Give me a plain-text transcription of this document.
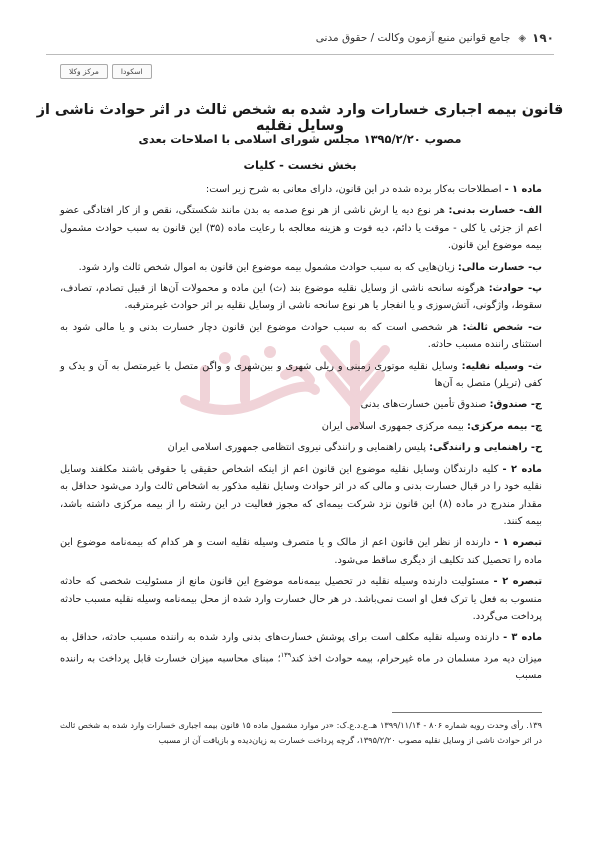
۱۹۰
◈
جامع قوانین منبع آزمون وکالت / حقوق مدنی
مرکز وکلا	اسکودا
قانون بیمه اجباری خسارات وارد شده به شخص ثالث در اثر حوادث ناشی از وسایل نقلیه
مصوب ۱۳۹۵/۲/۲۰ مجلس شورای اسلامی با اصلاحات بعدی
بخش نخست - کلیات

ماده ۱ - اصطلاحات به‌کار برده شده در این قانون، دارای معانی به شرح زیر است:

الف- خسارت بدنی: هر نوع دیه یا ارش ناشی از هر نوع صدمه به بدن مانند شکستگی، نقص و از کار افتادگی عضو اعم از جزئی یا کلی - موقت یا دائم، دیه فوت و هزینه معالجه با رعایت ماده (۳۵) این قانون به سبب حوادث مشمول بیمه موضوع این قانون.

ب- خسارت مالی: زیان‌هایی که به سبب حوادث مشمول بیمه موضوع این قانون به اموال شخص ثالث وارد شود.

پ- حوادث: هرگونه سانحه ناشی از وسایل نقلیه موضوع بند (ث) این ماده و محمولات آن‌ها از قبیل تصادم، تصادف، سقوط، واژگونی، آتش‌سوزی و یا انفجار یا هر نوع سانحه ناشی از وسایل نقلیه بر اثر حوادث غیرمترقبه.

ت- شخص ثالث: هر شخصی است که به سبب حوادث موضوع این قانون دچار خسارت بدنی و یا مالی شود به استثنای راننده مسبب حادثه.

ث- وسیله نقلیه: وسایل نقلیه موتوری زمینی و ریلی شهری و بین‌شهری و واگن متصل یا غیرمتصل به آن و یدک و کفی (تریلر) متصل به آن‌ها

ج- صندوق: صندوق تأمین خسارت‌های بدنی

چ- بیمه مرکزی: بیمه مرکزی جمهوری اسلامی ایران

ح- راهنمایی و رانندگی: پلیس راهنمایی و رانندگی نیروی انتظامی جمهوری اسلامی ایران

ماده ۲ - کلیه دارندگان وسایل نقلیه موضوع این قانون اعم از اینکه اشخاص حقیقی یا حقوقی باشند مکلفند وسایل نقلیه خود را در قبال خسارت بدنی و مالی که در اثر حوادث وسایل نقلیه مذکور به اشخاص ثالث وارد می‌شود حداقل به مقدار مندرج در ماده (۸) این قانون نزد شرکت بیمه‌ای که مجوز فعالیت در این رشته را از بیمه مرکزی داشته باشد، بیمه کنند.

تبصره ۱ - دارنده از نظر این قانون اعم از مالک و یا متصرف وسیله نقلیه است و هر کدام که بیمه‌نامه موضوع این ماده را تحصیل کند تکلیف از دیگری ساقط می‌شود.

تبصره ۲ - مسئولیت دارنده وسیله نقلیه در تحصیل بیمه‌نامه موضوع این قانون مانع از مسئولیت شخصی که حادثه منسوب به فعل یا ترک فعل او است نمی‌باشد. در هر حال خسارت وارد شده از محل بیمه‌نامه وسیله نقلیه مسبب حادثه پرداخت می‌گردد.

ماده ۳ - دارنده وسیله نقلیه مکلف است برای پوشش خسارت‌های بدنی وارد شده به راننده مسبب حادثه، حداقل به میزان دیه مرد مسلمان در ماه غیرحرام، بیمه حوادث اخذ کند$^{۱۳۹}$؛ مبنای محاسبه میزان خسارت قابل پرداخت به راننده مسبب

۱۳۹. رأی وحدت رویه شماره ۸۰۶ - ۱۳۹۹/۱۱/۱۴ هـ.ع.د.ع.ک: «در موارد مشمول ماده ۱۵ قانون بیمه اجباری خسارات وارد شده به شخص ثالث در اثر حوادث ناشی از وسایل نقلیه مصوب ۱۳۹۵/۲/۲۰، گرچه پرداخت خسارت به زیان‌دیده و بازیافت آن از مسبب
